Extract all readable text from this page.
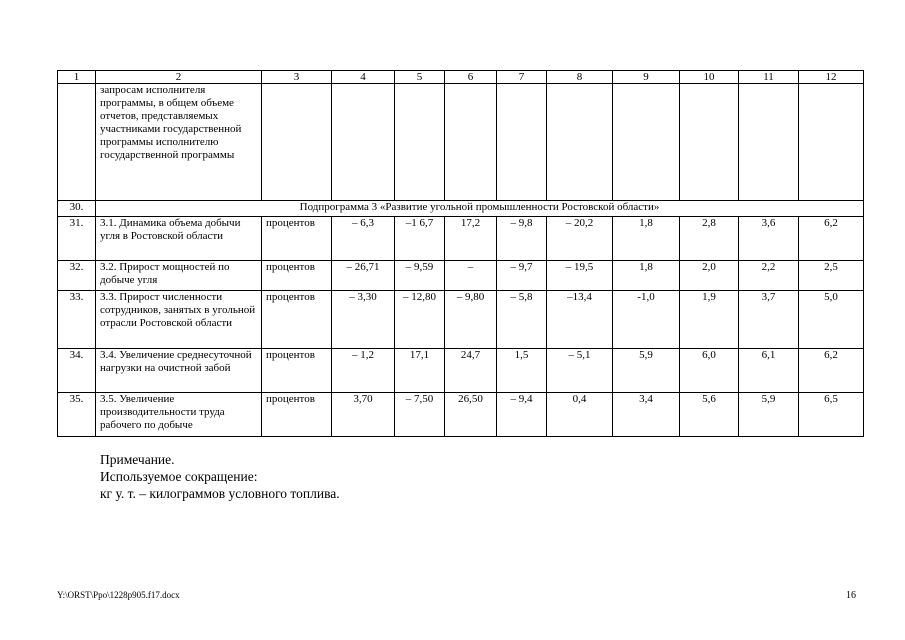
1	2	3	4	5	6	7	8	9	10	11	12
	запросам исполнителя программы, в общем объеме отчетов, представляемых участниками государственной программы исполнителю государственной программы										
30.	Подпрограмма 3 «Развитие угольной промышленности Ростовской области»										
31.	3.1. Динамика объема добычи угля в Ростовской области	процентов	– 6,3	–1 6,7	17,2	– 9,8	– 20,2	1,8	2,8	3,6	6,2
32.	3.2. Прирост мощностей по добыче угля	процентов	– 26,71	– 9,59	–	– 9,7	– 19,5	1,8	2,0	2,2	2,5
33.	3.3. Прирост численности сотрудников, занятых в угольной отрасли Ростовской области	процентов	– 3,30	– 12,80	– 9,80	– 5,8	–13,4	-1,0	1,9	3,7	5,0
34.	3.4. Увеличение среднесуточной нагрузки на очистной забой	процентов	– 1,2	17,1	24,7	1,5	– 5,1	5,9	6,0	6,1	6,2
35.	3.5. Увеличение производительности труда рабочего по добыче	процентов	3,70	– 7,50	26,50	– 9,4	0,4	3,4	5,6	5,9	6,5
Примечание.
Используемое сокращение:
кг у. т. – килограммов условного топлива.
Y:\ORST\Ppo\1228p905.f17.docx	16
